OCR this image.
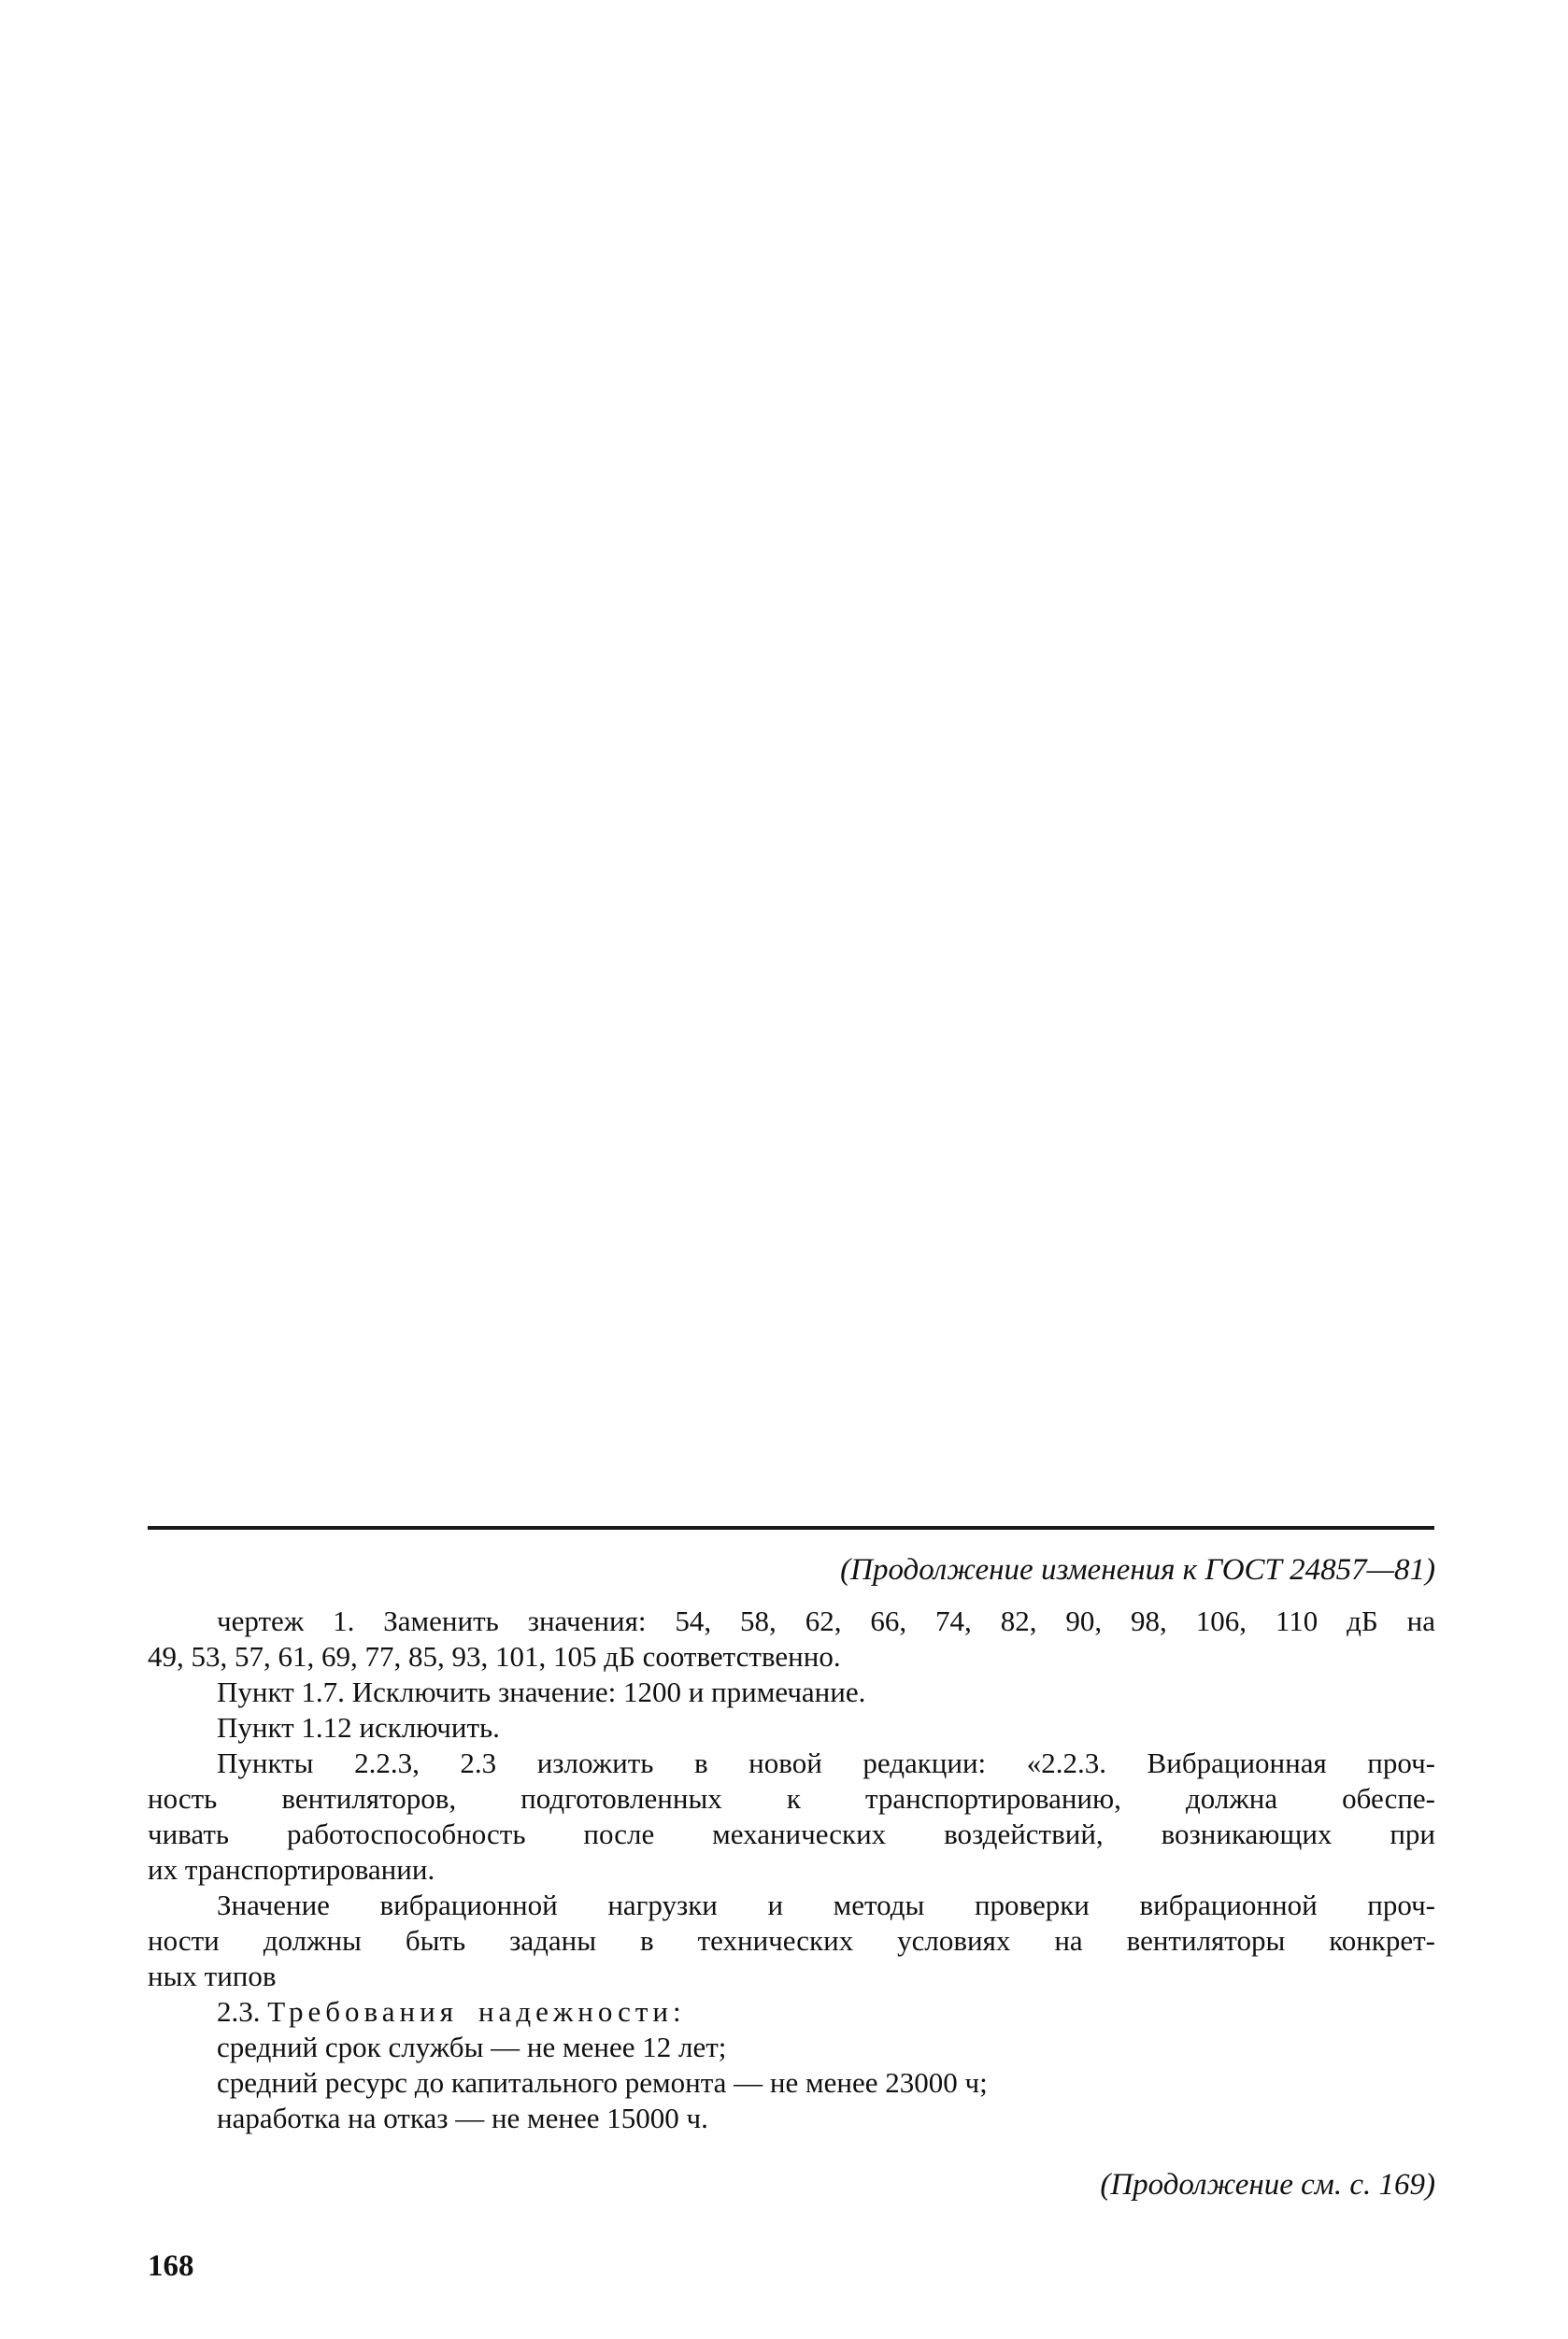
(Продолжение изменения к ГОСТ 24857—81)
чертеж 1. Заменить значения: 54, 58, 62, 66, 74, 82, 90, 98, 106, 110 дБ на
49, 53, 57, 61, 69, 77, 85, 93, 101, 105 дБ соответственно.
Пункт 1.7. Исключить значение: 1200 и примечание.
Пункт 1.12 исключить.
Пункты 2.2.3, 2.3 изложить в новой редакции: «2.2.3. Вибрационная проч-
ность вентиляторов, подготовленных к транспортированию, должна обеспе-
чивать работоспособность после механических воздействий, возникающих при
их транспортировании.
Значение вибрационной нагрузки и методы проверки вибрационной проч-
ности должны быть заданы в технических условиях на вентиляторы конкрет-
ных типов
2.3. Требования надежности:
средний срок службы — не менее 12 лет;
средний ресурс до капитального ремонта — не менее 23000 ч;
наработка на отказ — не менее 15000 ч.
(Продолжение см. с. 169)
168
